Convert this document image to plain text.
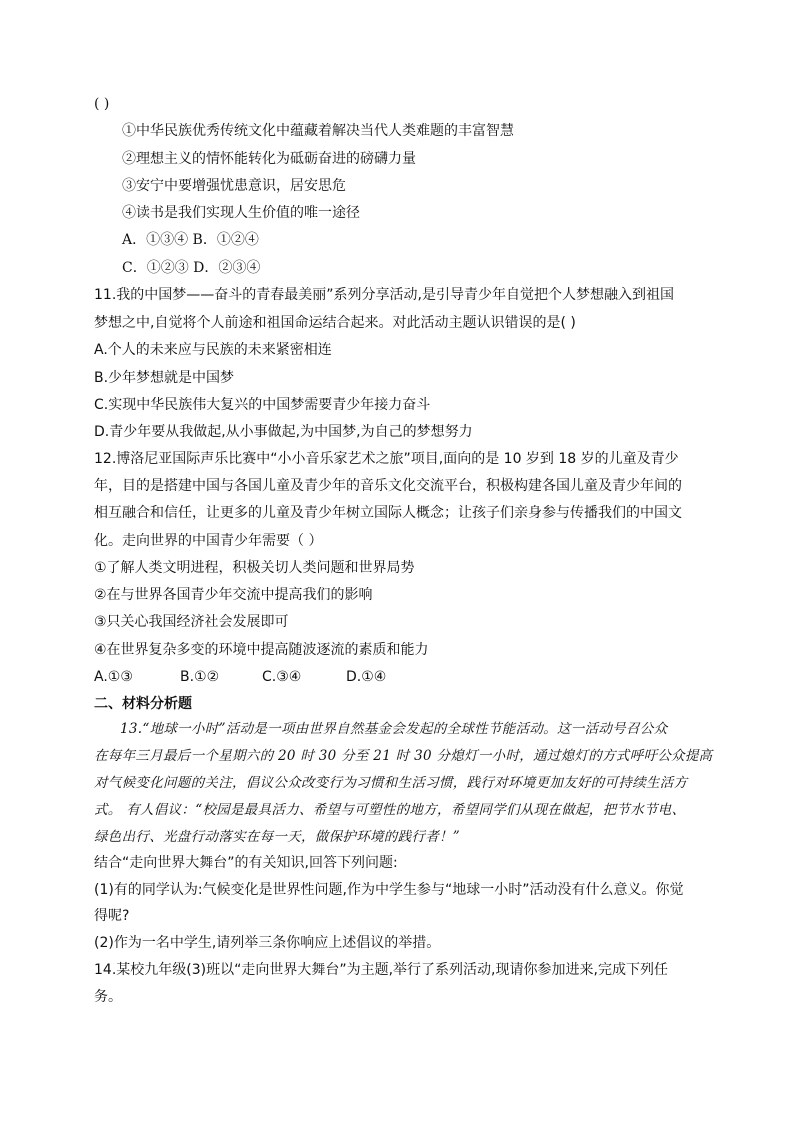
( )
①中华民族优秀传统文化中蕴藏着解决当代人类难题的丰富智慧
②理想主义的情怀能转化为砥砺奋进的磅礴力量
③安宁中要增强忧患意识，居安思危
④读书是我们实现人生价值的唯一途径
A．①③④ B．①②④
C．①②③ D．②③④
11.我的中国梦——奋斗的青春最美丽”系列分享活动,是引导青少年自觉把个人梦想融入到祖国
梦想之中,自觉将个人前途和祖国命运结合起来。对此活动主题认识错误的是( )
A.个人的未来应与民族的未来紧密相连
B.少年梦想就是中国梦
C.实现中华民族伟大复兴的中国梦需要青少年接力奋斗
D.青少年要从我做起,从小事做起,为中国梦,为自己的梦想努力
12.博洛尼亚国际声乐比赛中“小小音乐家艺术之旅”项目,面向的是 10 岁到 18 岁的儿童及青少
年，目的是搭建中国与各国儿童及青少年的音乐文化交流平台，积极构建各国儿童及青少年间的
相互融合和信任，让更多的儿童及青少年树立国际人概念；让孩子们亲身参与传播我们的中国文
化。走向世界的中国青少年需要（ ）
①了解人类文明进程，积极关切人类问题和世界局势
②在与世界各国青少年交流中提高我们的影响
③只关心我国经济社会发展即可
④在世界复杂多变的环境中提高随波逐流的素质和能力
A.①③	B.①②	C.③④	D.①④
二、材料分析题
13.“地球一小时”活动是一项由世界自然基金会发起的全球性节能活动。这一活动号召公众
在每年三月最后一个星期六的 20 时 30 分至 21 时 30 分熄灯一小时，通过熄灯的方式呼吁公众提高
对气候变化问题的关注，倡议公众改变行为习惯和生活习惯，践行对环境更加友好的可持续生活方
式。 有人倡议：“校园是最具活力、希望与可塑性的地方，希望同学们从现在做起，把节水节电、
绿色出行、光盘行动落实在每一天，做保护环境的践行者！”
结合“走向世界大舞台”的有关知识,回答下列问题:
(1)有的同学认为:气候变化是世界性问题,作为中学生参与“地球一小时”活动没有什么意义。你觉
得呢?
(2)作为一名中学生,请列举三条你响应上述倡议的举措。
14.某校九年级(3)班以“走向世界大舞台”为主题,举行了系列活动,现请你参加进来,完成下列任
务。
